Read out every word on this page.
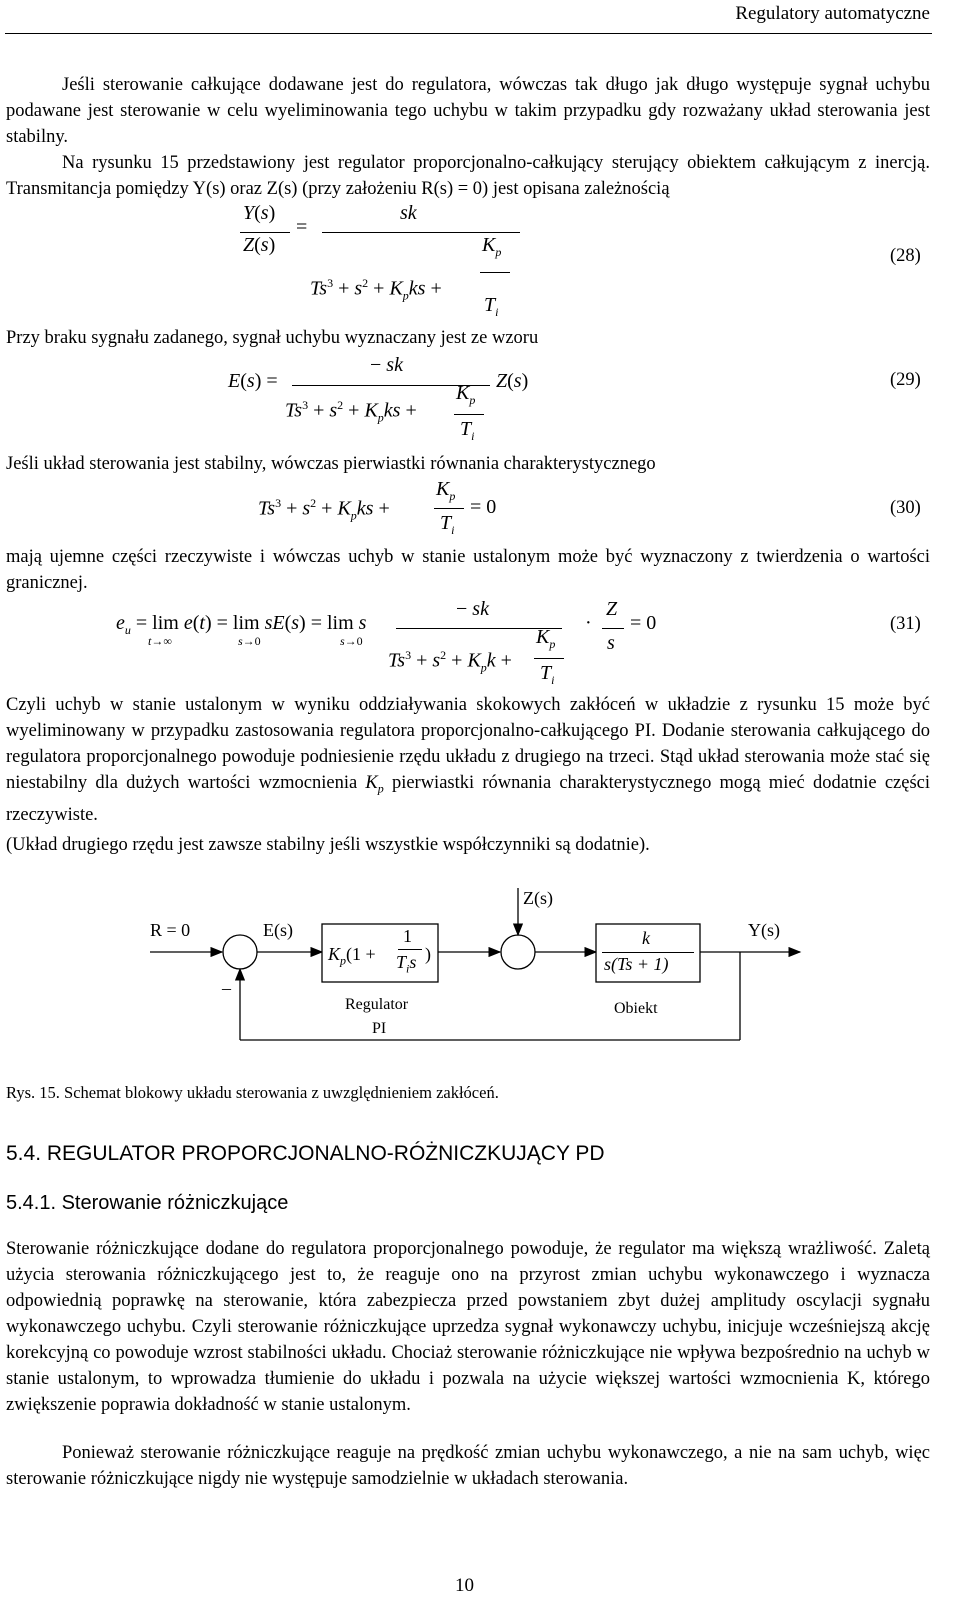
Regulatory automatyczne

Jeśli sterowanie całkujące dodawane jest do regulatora, wówczas tak długo jak długo występuje sygnał uchybu podawane jest sterowanie w celu wyeliminowania tego uchybu w takim przypadku gdy rozważany układ sterowania jest stabilny.

Na rysunku 15 przedstawiony jest regulator proporcjonalno-całkujący sterujący obiektem całkującym z inercją. Transmitancja pomiędzy Y(s) oraz Z(s) (przy założeniu R(s) = 0) jest opisana zależnością

Y(s)
Z(s)
=
sk
$Ts^3 + s^2 + K_pks$ +
$K_p$
$T_i$
(28)

Przy braku sygnału zadanego, sygnał uchybu wyznaczany jest ze wzoru

E(s) =
− sk
Z(s)
$Ts^3 + s^2 + K_pks$ +
$K_p$
$T_i$
(29)

Jeśli układ sterowania jest stabilny, wówczas pierwiastki równania charakterystycznego

$Ts^3 + s^2 + K_pks$ +
$K_p$
$T_i$
= 0	(30)

mają ujemne części rzeczywiste i wówczas uchyb w stanie ustalonym może być wyznaczony z twierdzenia o wartości granicznej.

$e_u = \lim e(t) = \lim sE(s) = \lim s$
t→∞	s→0	s→0
− sk
$Ts^3 + s^2 + K_pk$ +
$K_p$
$T_i$
·
Z
s
= 0	(31)

Czyli uchyb w stanie ustalonym w wyniku oddziaływania skokowych zakłóceń w układzie z rysunku 15 może być wyeliminowany w przypadku zastosowania regulatora proporcjonalno-całkującego PI. Dodanie sterowania całkującego do regulatora proporcjonalnego powoduje podniesienie rzędu układu z drugiego na trzeci. Stąd układ sterowania może stać się niestabilny dla dużych wartości wzmocnienia $K_p$ pierwiastki równania charakterystycznego mogą mieć dodatnie części rzeczywiste.

(Układ drugiego rzędu jest zawsze stabilny jeśli wszystkie współczynniki są dodatnie).

R = 0	E(s)
–
Z(s)
Y(s)
$K_p(1$ +
1
$T_is$ )
k
s(Ts + 1)
Regulator
PI
Obiekt
Rys. 15. Schemat blokowy układu sterowania z uwzględnieniem zakłóceń.
5.4. REGULATOR PROPORCJONALNO-RÓŻNICZKUJĄCY PD
5.4.1. Sterowanie różniczkujące

Sterowanie różniczkujące dodane do regulatora proporcjonalnego powoduje, że regulator ma większą wrażliwość. Zaletą użycia sterowania różniczkującego jest to, że reaguje ono na przyrost zmian uchybu wykonawczego i wyznacza odpowiednią poprawkę na sterowanie, która zabezpiecza przed powstaniem zbyt dużej amplitudy oscylacji sygnału wykonawczego uchybu. Czyli sterowanie różniczkujące uprzedza sygnał wykonawczy uchybu, inicjuje wcześniejszą akcję korekcyjną co powoduje wzrost stabilności układu. Chociaż sterowanie różniczkujące nie wpływa bezpośrednio na uchyb w stanie ustalonym, to wprowadza tłumienie do układu i pozwala na użycie większej wartości wzmocnienia K, którego zwiększenie poprawia dokładność w stanie ustalonym.

Ponieważ sterowanie różniczkujące reaguje na prędkość zmian uchybu wykonawczego, a nie na sam uchyb, więc sterowanie różniczkujące nigdy nie występuje samodzielnie w układach sterowania.

10
